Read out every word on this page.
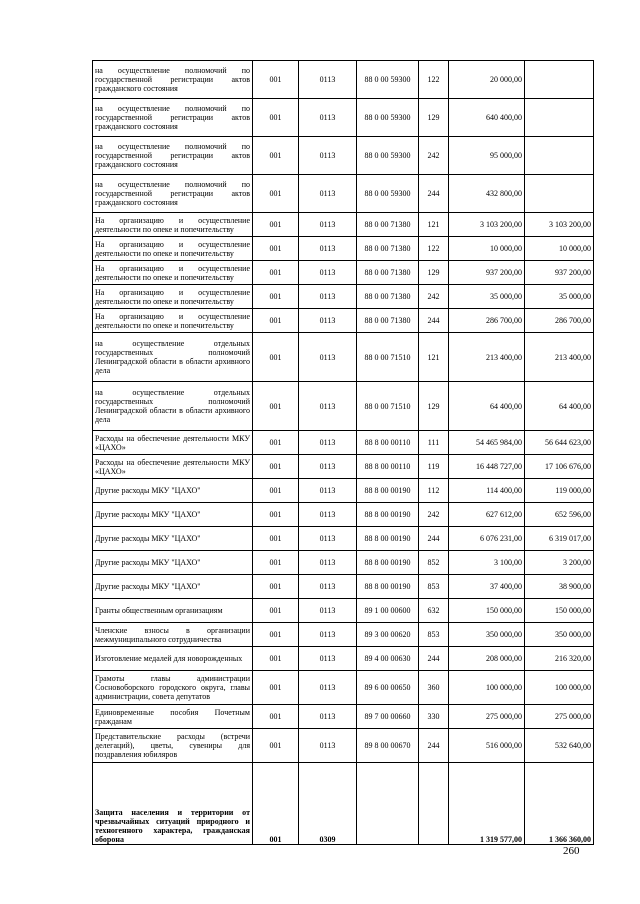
на осуществление полномочий по государственной регистрации актов гражданского состояния	001	0113	88 0 00 59300	122	20 000,00	
на осуществление полномочий по государственной регистрации актов гражданского состояния	001	0113	88 0 00 59300	129	640 400,00	
на осуществление полномочий по государственной регистрации актов гражданского состояния	001	0113	88 0 00 59300	242	95 000,00	
на осуществление полномочий по государственной регистрации актов гражданского состояния	001	0113	88 0 00 59300	244	432 800,00	
На организацию и осуществление деятельности по опеке и попечительству	001	0113	88 0 00 71380	121	3 103 200,00	3 103 200,00
На организацию и осуществление деятельности по опеке и попечительству	001	0113	88 0 00 71380	122	10 000,00	10 000,00
На организацию и осуществление деятельности по опеке и попечительству	001	0113	88 0 00 71380	129	937 200,00	937 200,00
На организацию и осуществление деятельности по опеке и попечительству	001	0113	88 0 00 71380	242	35 000,00	35 000,00
На организацию и осуществление деятельности по опеке и попечительству	001	0113	88 0 00 71380	244	286 700,00	286 700,00
на осуществление отдельных государственных полномочий Ленинградской области в области архивного дела	001	0113	88 0 00 71510	121	213 400,00	213 400,00
на осуществление отдельных государственных полномочий Ленинградской области в области архивного дела	001	0113	88 0 00 71510	129	64 400,00	64 400,00
Расходы на обеспечение деятельности МКУ «ЦАХО»	001	0113	88 8 00 00110	111	54 465 984,00	56 644 623,00
Расходы на обеспечение деятельности МКУ «ЦАХО»	001	0113	88 8 00 00110	119	16 448 727,00	17 106 676,00
Другие расходы МКУ "ЦАХО"	001	0113	88 8 00 00190	112	114 400,00	119 000,00
Другие расходы МКУ "ЦАХО"	001	0113	88 8 00 00190	242	627 612,00	652 596,00
Другие расходы МКУ "ЦАХО"	001	0113	88 8 00 00190	244	6 076 231,00	6 319 017,00
Другие расходы МКУ "ЦАХО"	001	0113	88 8 00 00190	852	3 100,00	3 200,00
Другие расходы МКУ "ЦАХО"	001	0113	88 8 00 00190	853	37 400,00	38 900,00
Гранты общественным организациям	001	0113	89 1 00 00600	632	150 000,00	150 000,00
Членские взносы в организации межмуниципального сотрудничества	001	0113	89 3 00 00620	853	350 000,00	350 000,00
Изготовление медалей для новорожденных	001	0113	89 4 00 00630	244	208 000,00	216 320,00
Грамоты главы администрации Сосновоборского городского округа, главы администрации, совета депутатов	001	0113	89 6 00 00650	360	100 000,00	100 000,00
Единовременные пособия Почетным гражданам	001	0113	89 7 00 00660	330	275 000,00	275 000,00
Представительские расходы (встречи делегаций), цветы, сувениры для поздравления юбиляров	001	0113	89 8 00 00670	244	516 000,00	532 640,00
Защита населения и территории от чрезвычайных ситуаций природного и техногенного характера, гражданская оборона	001	0309			1 319 577,00	1 366 360,00
260
